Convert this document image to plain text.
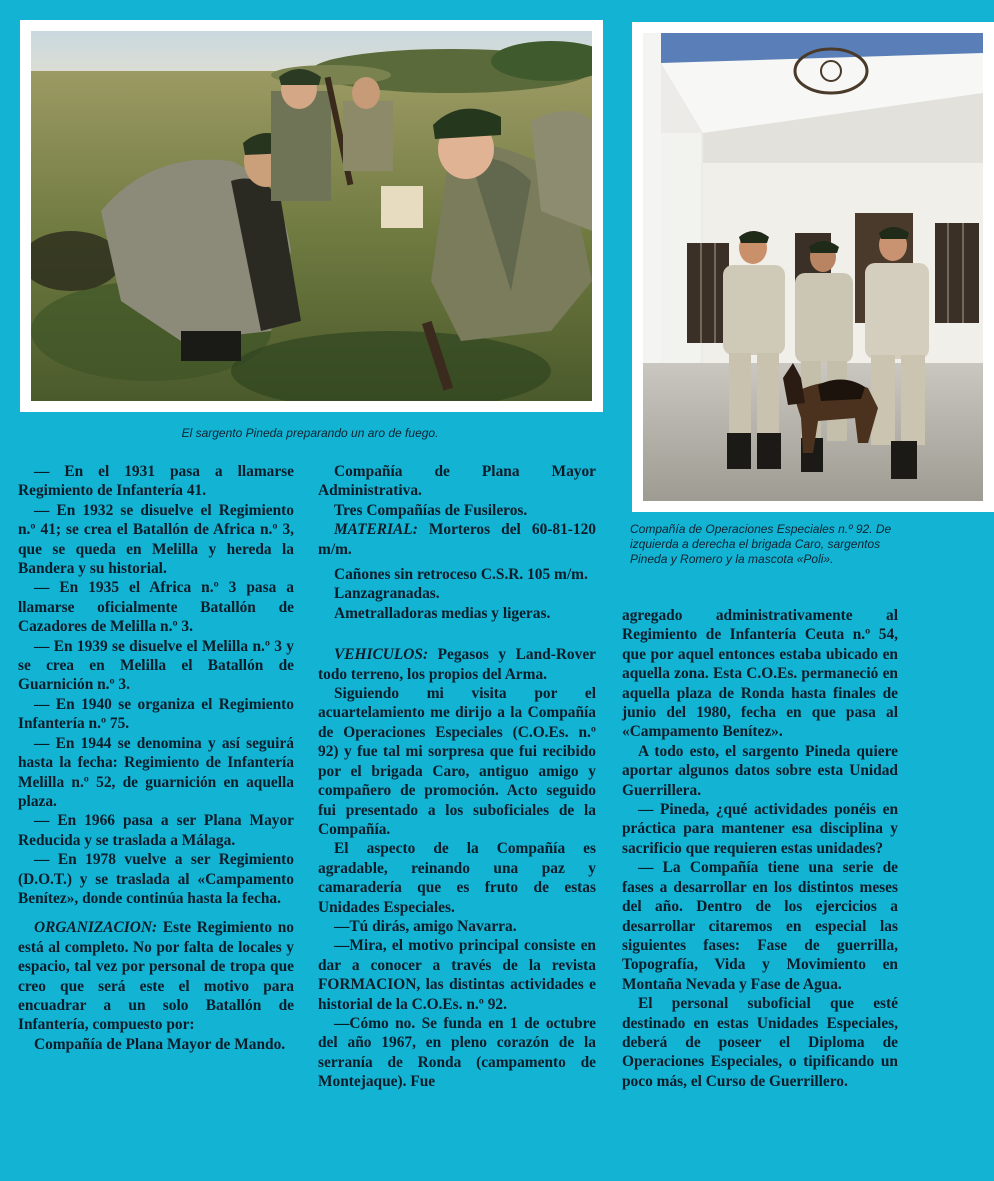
El sargento Pineda preparando un aro de fuego.
Compañía de Operaciones Especiales n.º 92. De izquierda a derecha el brigada Caro, sargentos Pineda y Romero y la mascota «Poli».

— En el 1931 pasa a llamarse Regimiento de Infantería 41.

— En 1932 se disuelve el Regimiento n.º 41; se crea el Batallón de Africa n.º 3, que se queda en Melilla y hereda la Bandera y su historial.

— En 1935 el Africa n.º 3 pasa a llamarse oficialmente Batallón de Cazadores de Melilla n.º 3.

— En 1939 se disuelve el Melilla n.º 3 y se crea en Melilla el Batallón de Guarnición n.º 3.

— En 1940 se organiza el Regimiento Infantería n.º 75.

— En 1944 se denomina y así seguirá hasta la fecha: Regimiento de Infantería Melilla n.º 52, de guarnición en aquella plaza.

— En 1966 pasa a ser Plana Mayor Reducida y se traslada a Málaga.

— En 1978 vuelve a ser Regimiento (D.O.T.) y se traslada al «Campamento Benítez», donde continúa hasta la fecha.

ORGANIZACION: Este Regimiento no está al completo. No por falta de locales y espacio, tal vez por personal de tropa que creo que será este el motivo para encuadrar a un solo Batallón de Infantería, compuesto por:

Compañía de Plana Mayor de Mando.

Compañía de Plana Mayor Administrativa.

Tres Compañías de Fusileros.

MATERIAL: Morteros del 60-81-120 m/m.

Cañones sin retroceso C.S.R. 105 m/m.

Lanzagranadas.

Ametralladoras medias y ligeras.

VEHICULOS: Pegasos y Land-Rover todo terreno, los propios del Arma.

Siguiendo mi visita por el acuartelamiento me dirijo a la Compañía de Operaciones Especiales (C.O.Es. n.º 92) y fue tal mi sorpresa que fui recibido por el brigada Caro, antiguo amigo y compañero de promoción. Acto seguido fui presentado a los suboficiales de la Compañía.

El aspecto de la Compañía es agradable, reinando una paz y camaradería que es fruto de estas Unidades Especiales.

—Tú dirás, amigo Navarra.

—Mira, el motivo principal consiste en dar a conocer a través de la revista FORMACION, las distintas actividades e historial de la C.O.Es. n.º 92.

—Cómo no. Se funda en 1 de octubre del año 1967, en pleno corazón de la serranía de Ronda (campamento de Montejaque). Fue

agregado administrativamente al Regimiento de Infantería Ceuta n.º 54, que por aquel entonces estaba ubicado en aquella zona. Esta C.O.Es. permaneció en aquella plaza de Ronda hasta finales de junio del 1980, fecha en que pasa al «Campamento Benítez».

A todo esto, el sargento Pineda quiere aportar algunos datos sobre esta Unidad Guerrillera.

— Pineda, ¿qué actividades ponéis en práctica para mantener esa disciplina y sacrificio que requieren estas unidades?

— La Compañía tiene una serie de fases a desarrollar en los distintos meses del año. Dentro de los ejercicios a desarrollar citaremos en especial las siguientes fases: Fase de guerrilla, Topografía, Vida y Movimiento en Montaña Nevada y Fase de Agua.

El personal suboficial que esté destinado en estas Unidades Especiales, deberá de poseer el Diploma de Operaciones Especiales, o tipificando un poco más, el Curso de Guerrillero.
